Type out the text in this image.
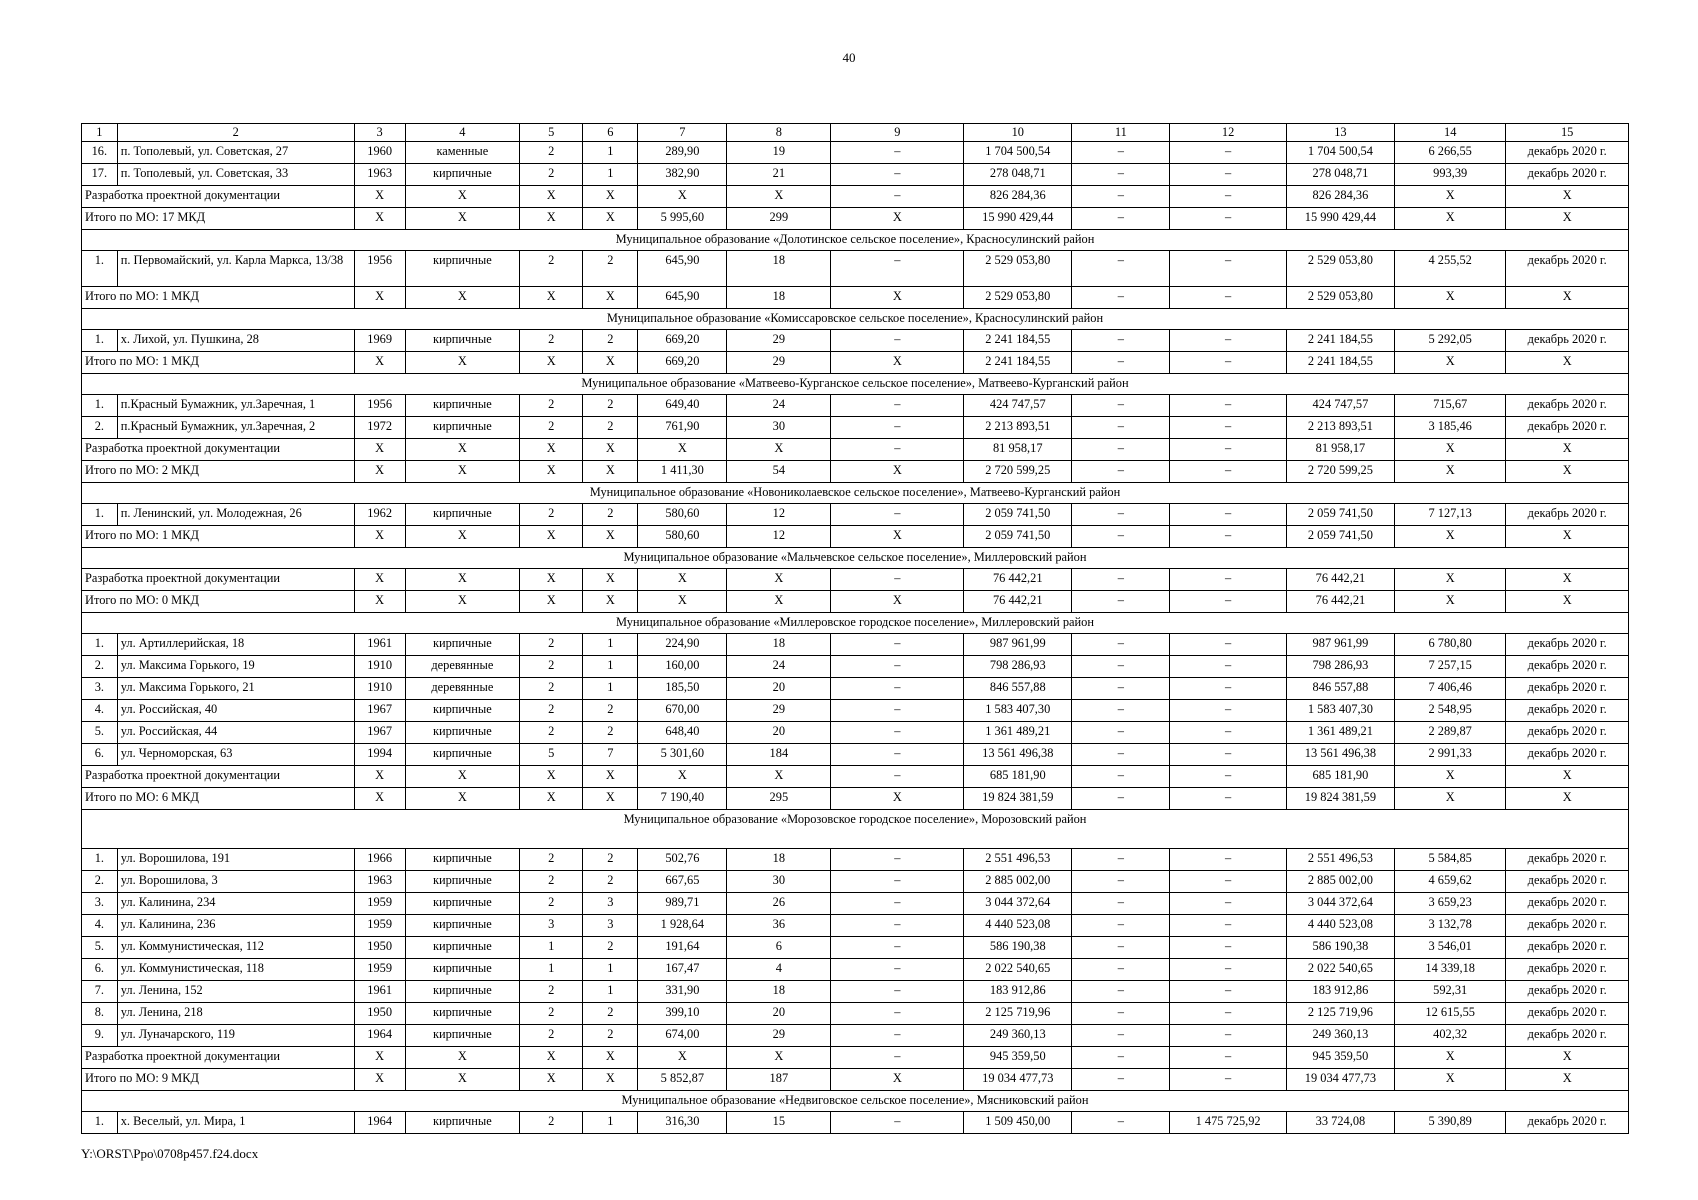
40
1	2	3	4	5	6	7	8	9	10	11	12	13	14	15
16.	п. Тополевый, ул. Советская, 27	1960	каменные	2	1	289,90	19	–	1 704 500,54	–	–	1 704 500,54	6 266,55	декабрь 2020 г.
17.	п. Тополевый, ул. Советская, 33	1963	кирпичные	2	1	382,90	21	–	278 048,71	–	–	278 048,71	993,39	декабрь 2020 г.
Разработка проектной документации		X	X	X	X	X	X	–	826 284,36	–	–	826 284,36	X	X
Итого по МО: 17 МКД		X	X	X	X	5 995,60	299	X	15 990 429,44	–	–	15 990 429,44	X	X
Муниципальное образование «Долотинское сельское поселение», Красносулинский район														
1.	п. Первомайский, ул. Карла Маркса, 13/38	1956	кирпичные	2	2	645,90	18	–	2 529 053,80	–	–	2 529 053,80	4 255,52	декабрь 2020 г.
Итого по МО: 1 МКД		X	X	X	X	645,90	18	X	2 529 053,80	–	–	2 529 053,80	X	X
Муниципальное образование «Комиссаровское сельское поселение», Красносулинский район														
1.	х. Лихой, ул. Пушкина, 28	1969	кирпичные	2	2	669,20	29	–	2 241 184,55	–	–	2 241 184,55	5 292,05	декабрь 2020 г.
Итого по МО: 1 МКД		X	X	X	X	669,20	29	X	2 241 184,55	–	–	2 241 184,55	X	X
Муниципальное образование «Матвеево-Курганское сельское поселение», Матвеево-Курганский район														
1.	п.Красный Бумажник, ул.Заречная, 1	1956	кирпичные	2	2	649,40	24	–	424 747,57	–	–	424 747,57	715,67	декабрь 2020 г.
2.	п.Красный Бумажник, ул.Заречная, 2	1972	кирпичные	2	2	761,90	30	–	2 213 893,51	–	–	2 213 893,51	3 185,46	декабрь 2020 г.
Разработка проектной документации		X	X	X	X	X	X	–	81 958,17	–	–	81 958,17	X	X
Итого по МО: 2 МКД		X	X	X	X	1 411,30	54	X	2 720 599,25	–	–	2 720 599,25	X	X
Муниципальное образование «Новониколаевское сельское поселение», Матвеево-Курганский район														
1.	п. Ленинский, ул. Молодежная, 26	1962	кирпичные	2	2	580,60	12	–	2 059 741,50	–	–	2 059 741,50	7 127,13	декабрь 2020 г.
Итого по МО: 1 МКД		X	X	X	X	580,60	12	X	2 059 741,50	–	–	2 059 741,50	X	X
Муниципальное образование «Мальчевское сельское поселение», Миллеровский район														
Разработка проектной документации		X	X	X	X	X	X	–	76 442,21	–	–	76 442,21	X	X
Итого по МО: 0 МКД		X	X	X	X	X	X	X	76 442,21	–	–	76 442,21	X	X
Муниципальное образование «Миллеровское городское поселение», Миллеровский район														
1.	ул. Артиллерийская, 18	1961	кирпичные	2	1	224,90	18	–	987 961,99	–	–	987 961,99	6 780,80	декабрь 2020 г.
2.	ул. Максима Горького, 19	1910	деревянные	2	1	160,00	24	–	798 286,93	–	–	798 286,93	7 257,15	декабрь 2020 г.
3.	ул. Максима Горького, 21	1910	деревянные	2	1	185,50	20	–	846 557,88	–	–	846 557,88	7 406,46	декабрь 2020 г.
4.	ул. Российская, 40	1967	кирпичные	2	2	670,00	29	–	1 583 407,30	–	–	1 583 407,30	2 548,95	декабрь 2020 г.
5.	ул. Российская, 44	1967	кирпичные	2	2	648,40	20	–	1 361 489,21	–	–	1 361 489,21	2 289,87	декабрь 2020 г.
6.	ул. Черноморская, 63	1994	кирпичные	5	7	5 301,60	184	–	13 561 496,38	–	–	13 561 496,38	2 991,33	декабрь 2020 г.
Разработка проектной документации		X	X	X	X	X	X	–	685 181,90	–	–	685 181,90	X	X
Итого по МО: 6 МКД		X	X	X	X	7 190,40	295	X	19 824 381,59	–	–	19 824 381,59	X	X
Муниципальное образование «Морозовское городское поселение», Морозовский район														
1.	ул. Ворошилова, 191	1966	кирпичные	2	2	502,76	18	–	2 551 496,53	–	–	2 551 496,53	5 584,85	декабрь 2020 г.
2.	ул. Ворошилова, 3	1963	кирпичные	2	2	667,65	30	–	2 885 002,00	–	–	2 885 002,00	4 659,62	декабрь 2020 г.
3.	ул. Калинина, 234	1959	кирпичные	2	3	989,71	26	–	3 044 372,64	–	–	3 044 372,64	3 659,23	декабрь 2020 г.
4.	ул. Калинина, 236	1959	кирпичные	3	3	1 928,64	36	–	4 440 523,08	–	–	4 440 523,08	3 132,78	декабрь 2020 г.
5.	ул. Коммунистическая, 112	1950	кирпичные	1	2	191,64	6	–	586 190,38	–	–	586 190,38	3 546,01	декабрь 2020 г.
6.	ул. Коммунистическая, 118	1959	кирпичные	1	1	167,47	4	–	2 022 540,65	–	–	2 022 540,65	14 339,18	декабрь 2020 г.
7.	ул. Ленина, 152	1961	кирпичные	2	1	331,90	18	–	183 912,86	–	–	183 912,86	592,31	декабрь 2020 г.
8.	ул. Ленина, 218	1950	кирпичные	2	2	399,10	20	–	2 125 719,96	–	–	2 125 719,96	12 615,55	декабрь 2020 г.
9.	ул. Луначарского, 119	1964	кирпичные	2	2	674,00	29	–	249 360,13	–	–	249 360,13	402,32	декабрь 2020 г.
Разработка проектной документации		X	X	X	X	X	X	–	945 359,50	–	–	945 359,50	X	X
Итого по МО: 9 МКД		X	X	X	X	5 852,87	187	X	19 034 477,73	–	–	19 034 477,73	X	X
Муниципальное образование «Недвиговское сельское поселение», Мясниковский район														
1.	х. Веселый, ул. Мира, 1	1964	кирпичные	2	1	316,30	15	–	1 509 450,00	–	1 475 725,92	33 724,08	5 390,89	декабрь 2020 г.
Y:\ORST\Ppo\0708p457.f24.docx
